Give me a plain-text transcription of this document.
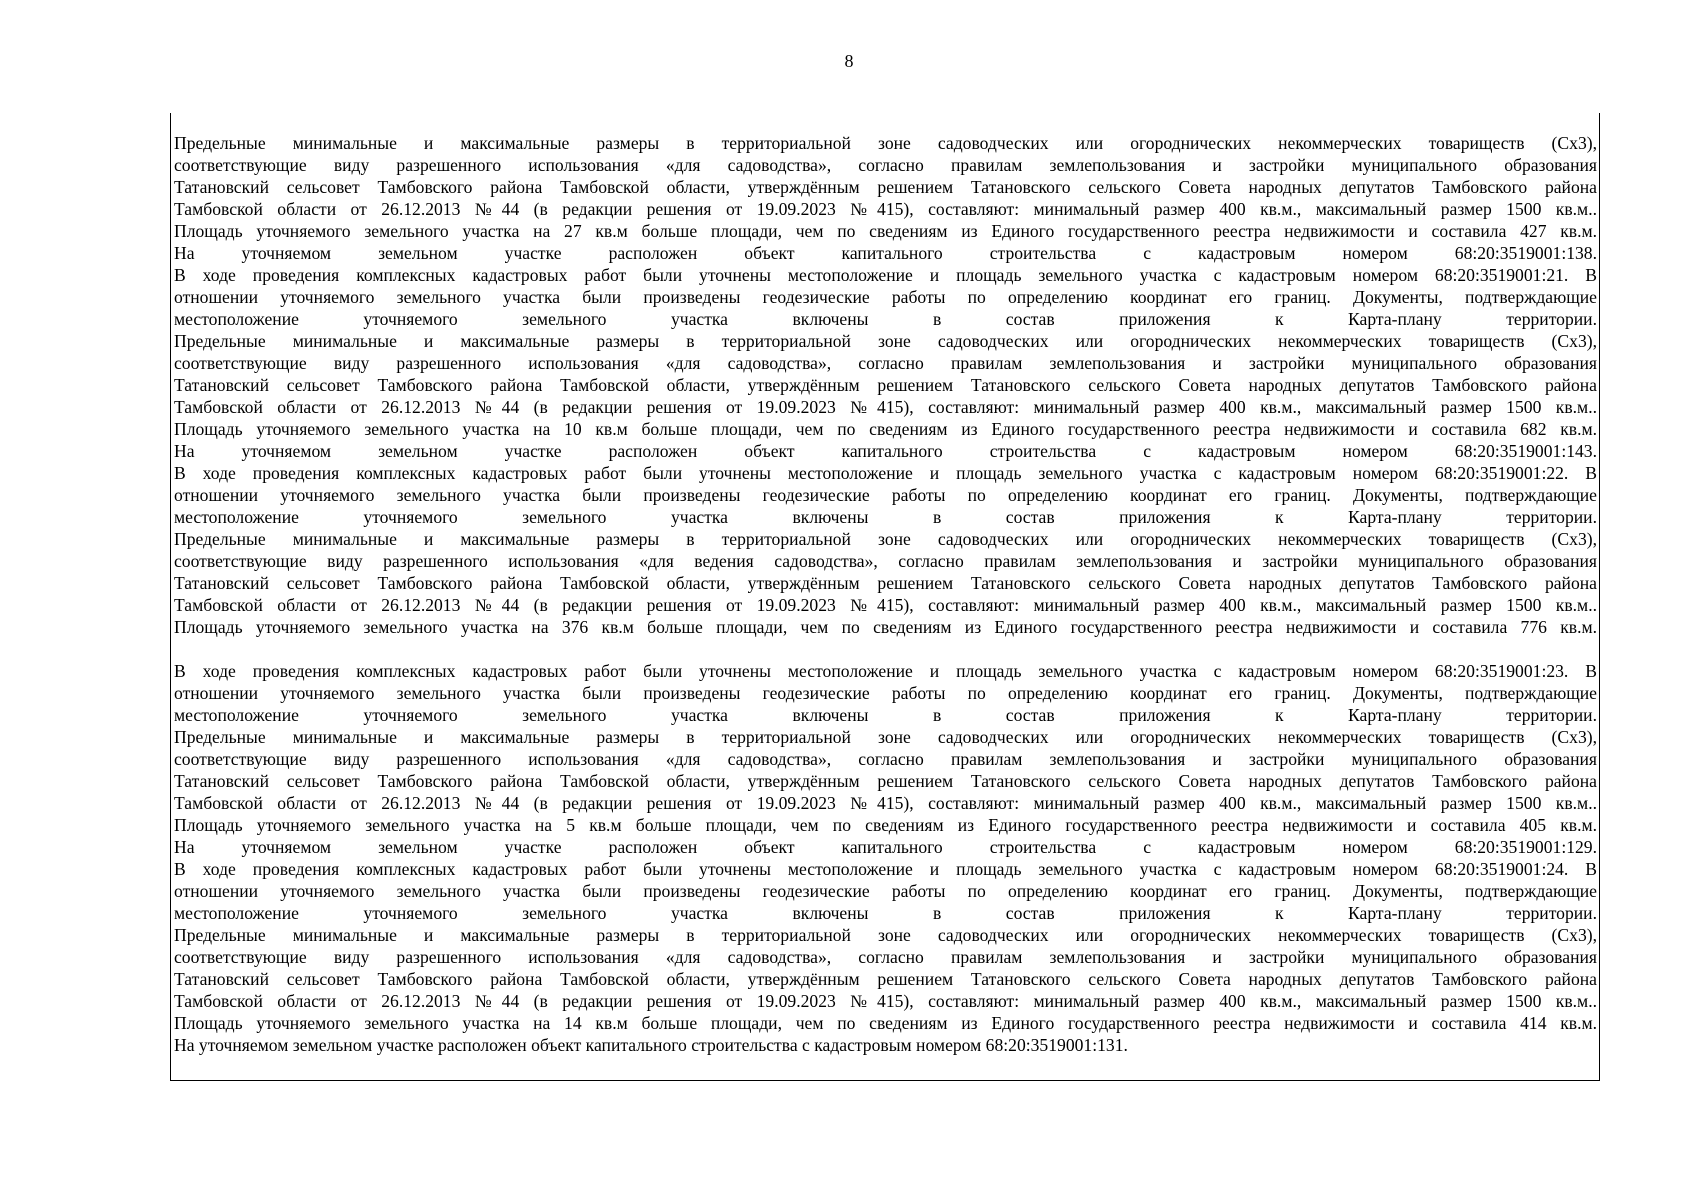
8
Предельные минимальные и максимальные размеры в территориальной зоне садоводческих или огороднических некоммерческих товариществ (Сх3),
соответствующие виду разрешенного использования «для садоводства», согласно правилам землепользования и застройки муниципального образования
Татановский сельсовет Тамбовского района Тамбовской области, утверждённым решением Татановского сельского Совета народных депутатов Тамбовского района
Тамбовской области от 26.12.2013 №44 (в редакции решения от 19.09.2023 №415), составляют: минимальный размер 400 кв.м., максимальный размер 1500 кв.м..
Площадь уточняемого земельного участка на 27 кв.м больше площади, чем по сведениям из Единого государственного реестра недвижимости и составила 427 кв.м.
На уточняемом земельном участке расположен объект капитального строительства с кадастровым номером 68:20:3519001:138.
В ходе проведения комплексных кадастровых работ были уточнены местоположение и площадь земельного участка с кадастровым номером 68:20:3519001:21. В
отношении уточняемого земельного участка были произведены геодезические работы по определению координат его границ. Документы, подтверждающие
местоположение уточняемого земельного участка включены в состав приложения к Карта-плану территории.
Предельные минимальные и максимальные размеры в территориальной зоне садоводческих или огороднических некоммерческих товариществ (Сх3),
соответствующие виду разрешенного использования «для садоводства», согласно правилам землепользования и застройки муниципального образования
Татановский сельсовет Тамбовского района Тамбовской области, утверждённым решением Татановского сельского Совета народных депутатов Тамбовского района
Тамбовской области от 26.12.2013 №44 (в редакции решения от 19.09.2023 №415), составляют: минимальный размер 400 кв.м., максимальный размер 1500 кв.м..
Площадь уточняемого земельного участка на 10 кв.м больше площади, чем по сведениям из Единого государственного реестра недвижимости и составила 682 кв.м.
На уточняемом земельном участке расположен объект капитального строительства с кадастровым номером 68:20:3519001:143.
В ходе проведения комплексных кадастровых работ были уточнены местоположение и площадь земельного участка с кадастровым номером 68:20:3519001:22. В
отношении уточняемого земельного участка были произведены геодезические работы по определению координат его границ. Документы, подтверждающие
местоположение уточняемого земельного участка включены в состав приложения к Карта-плану территории.
Предельные минимальные и максимальные размеры в территориальной зоне садоводческих или огороднических некоммерческих товариществ (Сх3),
соответствующие виду разрешенного использования «для ведения садоводства», согласно правилам землепользования и застройки муниципального образования
Татановский сельсовет Тамбовского района Тамбовской области, утверждённым решением Татановского сельского Совета народных депутатов Тамбовского района
Тамбовской области от 26.12.2013 №44 (в редакции решения от 19.09.2023 №415), составляют: минимальный размер 400 кв.м., максимальный размер 1500 кв.м..
Площадь уточняемого земельного участка на 376 кв.м больше площади, чем по сведениям из Единого государственного реестра недвижимости и составила 776 кв.м.
В ходе проведения комплексных кадастровых работ были уточнены местоположение и площадь земельного участка с кадастровым номером 68:20:3519001:23. В
отношении уточняемого земельного участка были произведены геодезические работы по определению координат его границ. Документы, подтверждающие
местоположение уточняемого земельного участка включены в состав приложения к Карта-плану территории.
Предельные минимальные и максимальные размеры в территориальной зоне садоводческих или огороднических некоммерческих товариществ (Сх3),
соответствующие виду разрешенного использования «для садоводства», согласно правилам землепользования и застройки муниципального образования
Татановский сельсовет Тамбовского района Тамбовской области, утверждённым решением Татановского сельского Совета народных депутатов Тамбовского района
Тамбовской области от 26.12.2013 №44 (в редакции решения от 19.09.2023 №415), составляют: минимальный размер 400 кв.м., максимальный размер 1500 кв.м..
Площадь уточняемого земельного участка на 5 кв.м больше площади, чем по сведениям из Единого государственного реестра недвижимости и составила 405 кв.м.
На уточняемом земельном участке расположен объект капитального строительства с кадастровым номером 68:20:3519001:129.
В ходе проведения комплексных кадастровых работ были уточнены местоположение и площадь земельного участка с кадастровым номером 68:20:3519001:24. В
отношении уточняемого земельного участка были произведены геодезические работы по определению координат его границ. Документы, подтверждающие
местоположение уточняемого земельного участка включены в состав приложения к Карта-плану территории.
Предельные минимальные и максимальные размеры в территориальной зоне садоводческих или огороднических некоммерческих товариществ (Сх3),
соответствующие виду разрешенного использования «для садоводства», согласно правилам землепользования и застройки муниципального образования
Татановский сельсовет Тамбовского района Тамбовской области, утверждённым решением Татановского сельского Совета народных депутатов Тамбовского района
Тамбовской области от 26.12.2013 №44 (в редакции решения от 19.09.2023 №415), составляют: минимальный размер 400 кв.м., максимальный размер 1500 кв.м..
Площадь уточняемого земельного участка на 14 кв.м больше площади, чем по сведениям из Единого государственного реестра недвижимости и составила 414 кв.м.
На уточняемом земельном участке расположен объект капитального строительства с кадастровым номером 68:20:3519001:131.
